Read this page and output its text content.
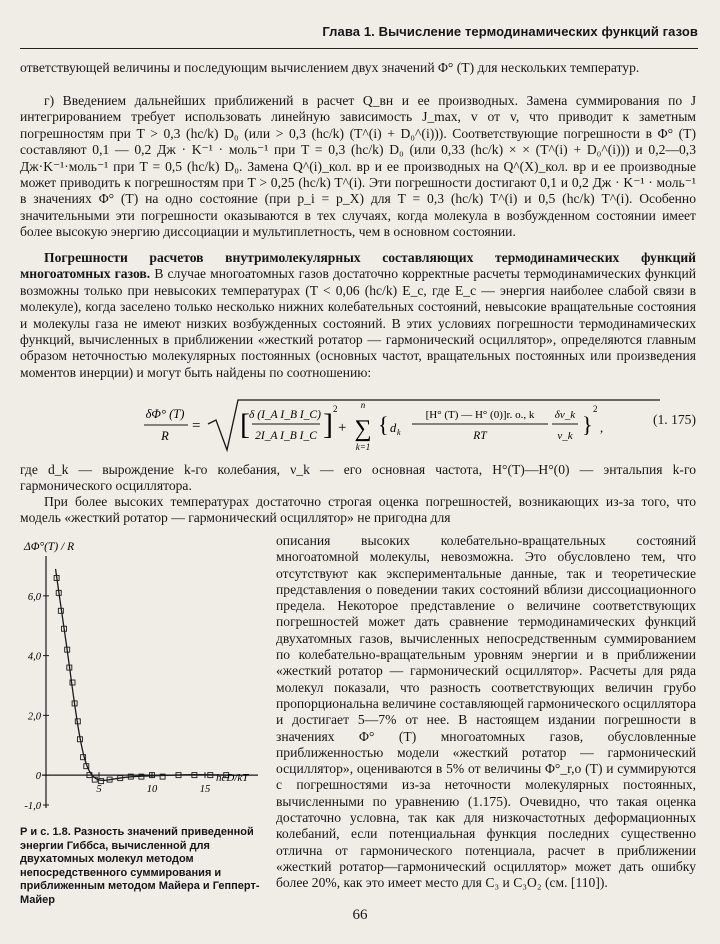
Глава 1. Вычисление термодинамических функций газов

ответствующей величины и последующим вычислением двух значений Φ° (T) для нескольких температур.

г) Введением дальнейших приближений в расчет Q_вн и ее производных. Замена суммирования по J интегрированием требует использовать линейную зависимость J_max, v от v, что приводит к заметным погрешностям при T > 0,3 (hc/k) D₀ (или > 0,3 (hc/k) (T^(i) + D₀^(i))). Соответствующие погрешности в Φ° (T) составляют 0,1 — 0,2 Дж · K⁻¹ · моль⁻¹ при T = 0,3 (hc/k) D₀ (или 0,33 (hc/k) × × (T^(i) + D₀^(i))) и 0,2—0,3 Дж·K⁻¹·моль⁻¹ при T = 0,5 (hc/k) D₀. Замена Q^(i)_кол. вр и ее производных на Q^(X)_кол. вр и ее производные может приводить к погрешностям при T > 0,25 (hc/k) T^(i). Эти погрешности достигают 0,1 и 0,2 Дж · K⁻¹ · моль⁻¹ в значениях Φ° (T) на одно состояние (при p_i = p_X) для T = 0,3 (hc/k) T^(i) и 0,5 (hc/k) T^(i). Особенно значительными эти погрешности оказываются в тех случаях, когда молекула в возбужденном состоянии имеет более высокую энергию диссоциации и мультиплетность, чем в основном состоянии.

Погрешности расчетов внутримолекулярных составляющих термодинамических функций многоатомных газов. В случае многоатомных газов достаточно корректные расчеты термодинамических функций возможны только при невысоких температурах (T < 0,06 (hc/k) E_c, где E_c — энергия наиболее слабой связи в молекуле), когда заселено только несколько нижних колебательных состояний, невысокие вращательные состояния и молекулы газа не имеют низких возбужденных состояний. В этих условиях погрешности термодинамических функций, вычисленных в приближении «жесткий ротатор — гармонический осциллятор», определяются главным образом неточностью молекулярных постоянных (основных частот, вращательных постоянных или произведения моментов инерции) и могут быть найдены по соотношению:

δΦ° (T)
R
= [ δ (I_A I_B I_C)
2I_A I_B I_C ] 2
+
n
∑
k=1
{ d k
[H° (T) — H° (0)]r. o., k
RT
δν_k
ν_k }
2
,
(1. 175)

где d_k — вырождение k-го колебания, ν_k — его основная частота, H°(T)—H°(0) — энтальпия k-го гармонического осциллятора.

При более высоких температурах достаточно строгая оценка погрешностей, возникающих из-за того, что модель «жесткий ротатор — гармонический осциллятор» не пригодна для

ΔΦ°(T) / R
6,0
4,0
2,0
0
-1,0
5	10	15
hcD/kT

Р и с. 1.8. Разность значений приведенной энергии Гиббса, вычисленной для двухатомных молекул методом непосредственного суммирования и приближенным методом Майера и Гепперт-Майер

описания высоких колебательно-вращательных состояний многоатомной молекулы, невозможна. Это обусловлено тем, что отсутствуют как экспериментальные данные, так и теоретические представления о поведении таких состояний вблизи диссоциационного предела. Некоторое представление о величине соответствующих погрешностей может дать сравнение термодинамических функций двухатомных газов, вычисленных непосредственным суммированием по колебательно-вращательным уровням энергии и в приближении «жесткий ротатор — гармонический осциллятор». Расчеты для ряда молекул показали, что разность соответствующих величин грубо пропорциональна величине составляющей гармонического осциллятора и достигает 5—7% от нее. В настоящем издании погрешности в значениях Φ° (T) многоатомных газов, обусловленные приближенностью модели «жесткий ротатор — гармонический осциллятор», оцениваются в 5% от величины Φ°_r,o (T) и суммируются с погрешностями из-за неточности молекулярных постоянных, вычисленными по уравнению (1.175). Очевидно, что такая оценка достаточно условна, так как для низкочастотных деформационных колебаний, если потенциальная функция последних существенно отлична от гармонического потенциала, расчет в приближении «жесткий ротатор—гармонический осциллятор» может дать ошибку более 20%, как это имеет место для C₃ и C₃O₂ (см. [110]).

66
